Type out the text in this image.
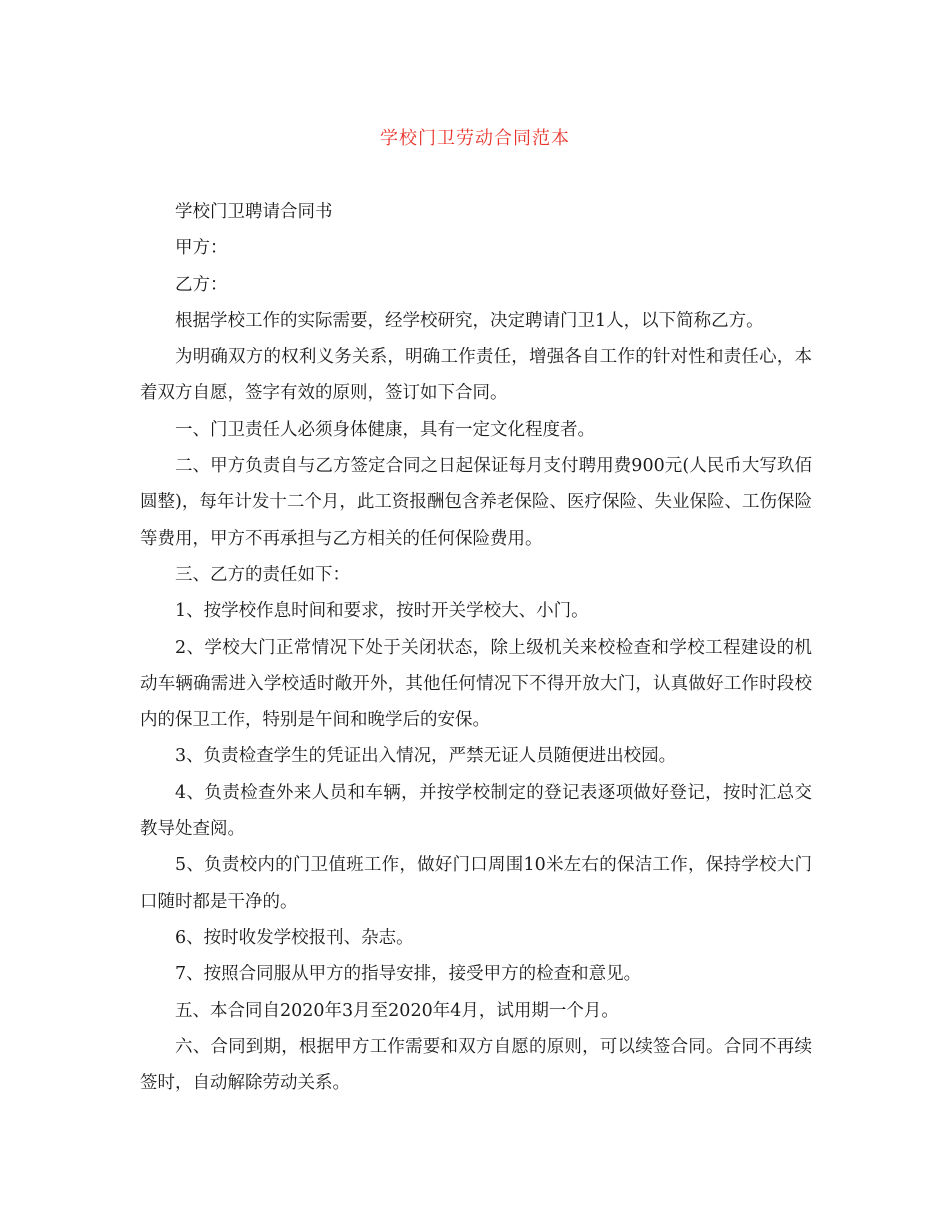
学校门卫劳动合同范本

学校门卫聘请合同书

甲方：

乙方：

根据学校工作的实际需要，经学校研究，决定聘请门卫1人，以下简称乙方。

为明确双方的权利义务关系，明确工作责任，增强各自工作的针对性和责任心，本着双方自愿，签字有效的原则，签订如下合同。

一、门卫责任人必须身体健康，具有一定文化程度者。

二、甲方负责自与乙方签定合同之日起保证每月支付聘用费900元(人民币大写玖佰圆整)，每年计发十二个月，此工资报酬包含养老保险、医疗保险、失业保险、工伤保险等费用，甲方不再承担与乙方相关的任何保险费用。

三、乙方的责任如下：

1、按学校作息时间和要求，按时开关学校大、小门。

2、学校大门正常情况下处于关闭状态，除上级机关来校检查和学校工程建设的机动车辆确需进入学校适时敞开外，其他任何情况下不得开放大门，认真做好工作时段校内的保卫工作，特别是午间和晚学后的安保。

3、负责检查学生的凭证出入情况，严禁无证人员随便进出校园。

4、负责检查外来人员和车辆，并按学校制定的登记表逐项做好登记，按时汇总交教导处查阅。

5、负责校内的门卫值班工作，做好门口周围10米左右的保洁工作，保持学校大门口随时都是干净的。

6、按时收发学校报刊、杂志。

7、按照合同服从甲方的指导安排，接受甲方的检查和意见。

五、本合同自2020年3月至2020年4月，试用期一个月。

六、合同到期，根据甲方工作需要和双方自愿的原则，可以续签合同。合同不再续签时，自动解除劳动关系。
